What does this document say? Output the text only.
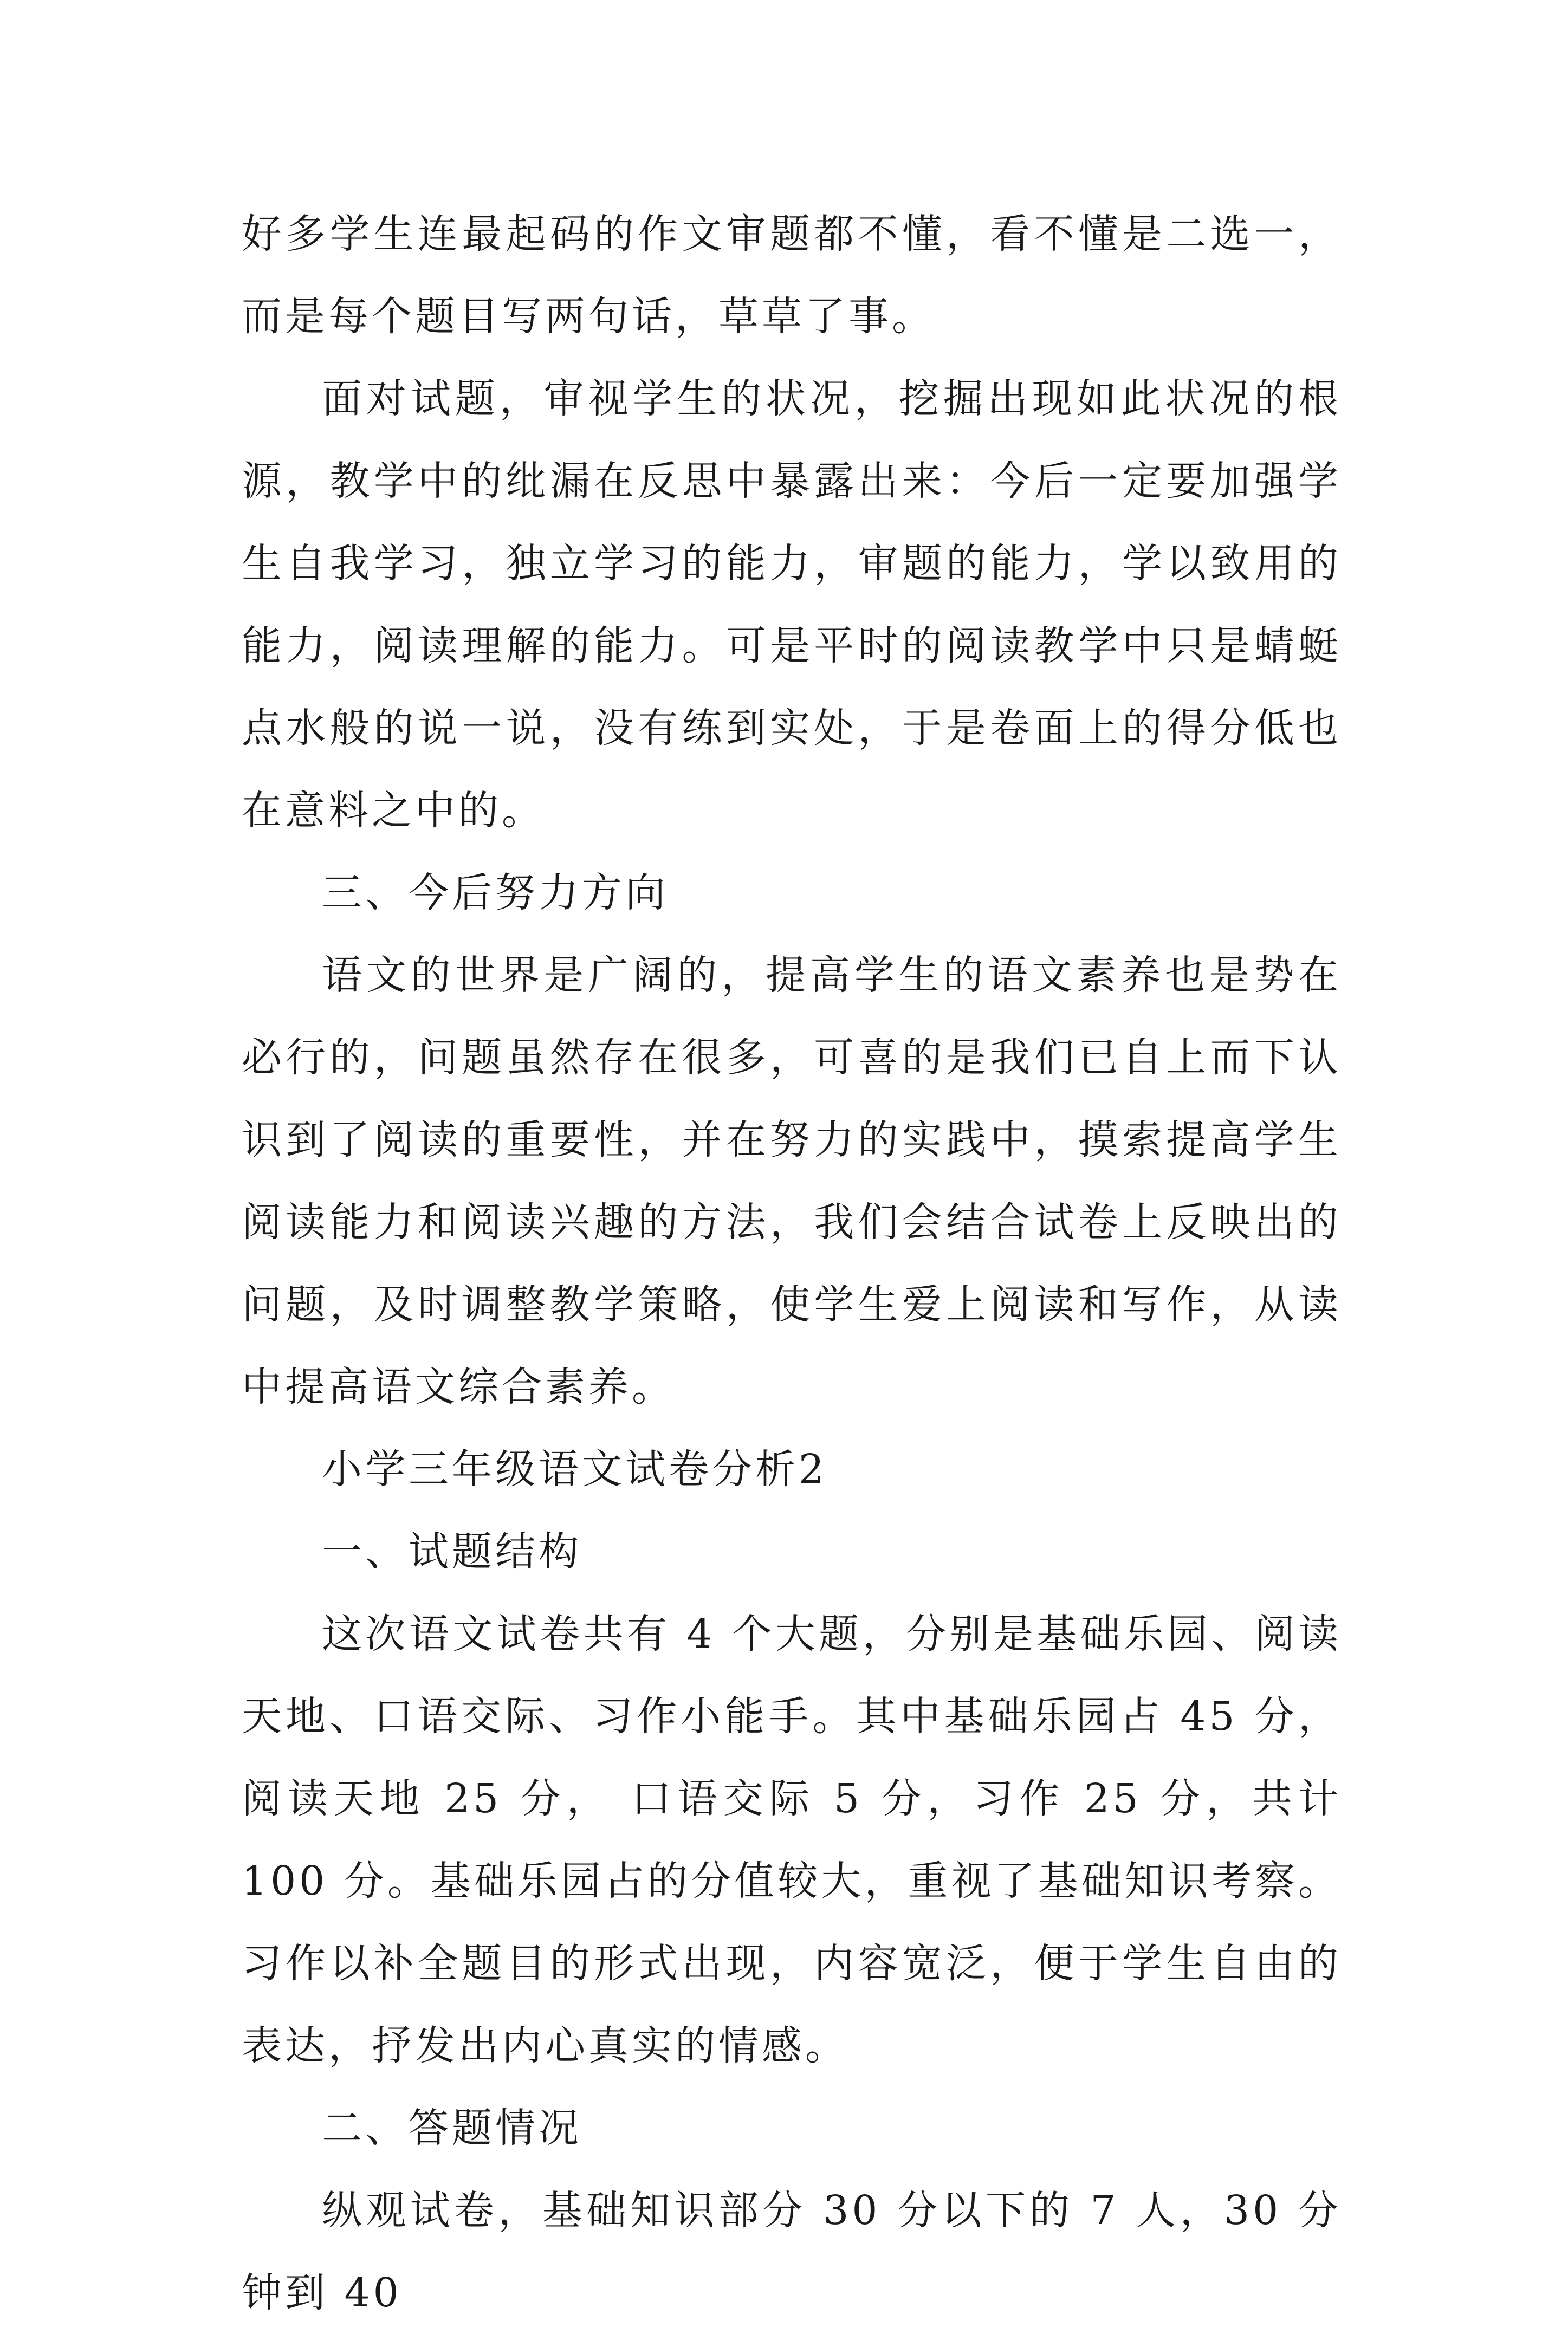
好多学生连最起码的作文审题都不懂，看不懂是二选一，而是每个题目写两句话，草草了事。

面对试题，审视学生的状况，挖掘出现如此状况的根源，教学中的纰漏在反思中暴露出来：今后一定要加强学生自我学习，独立学习的能力，审题的能力，学以致用的能力，阅读理解的能力。可是平时的阅读教学中只是蜻蜓点水般的说一说，没有练到实处，于是卷面上的得分低也在意料之中的。

三、今后努力方向

语文的世界是广阔的，提高学生的语文素养也是势在必行的，问题虽然存在很多，可喜的是我们已自上而下认识到了阅读的重要性，并在努力的实践中，摸索提高学生阅读能力和阅读兴趣的方法，我们会结合试卷上反映出的问题，及时调整教学策略，使学生爱上阅读和写作，从读中提高语文综合素养。

小学三年级语文试卷分析2

一、试题结构

这次语文试卷共有 4 个大题，分别是基础乐园、阅读天地、口语交际、习作小能手。其中基础乐园占 45 分，阅读天地 25 分， 口语交际 5 分，习作 25 分，共计 100 分。基础乐园占的分值较大，重视了基础知识考察。习作以补全题目的形式出现，内容宽泛，便于学生自由的表达，抒发出内心真实的情感。

二、答题情况

纵观试卷，基础知识部分 30 分以下的 7 人，30 分钟到 40
